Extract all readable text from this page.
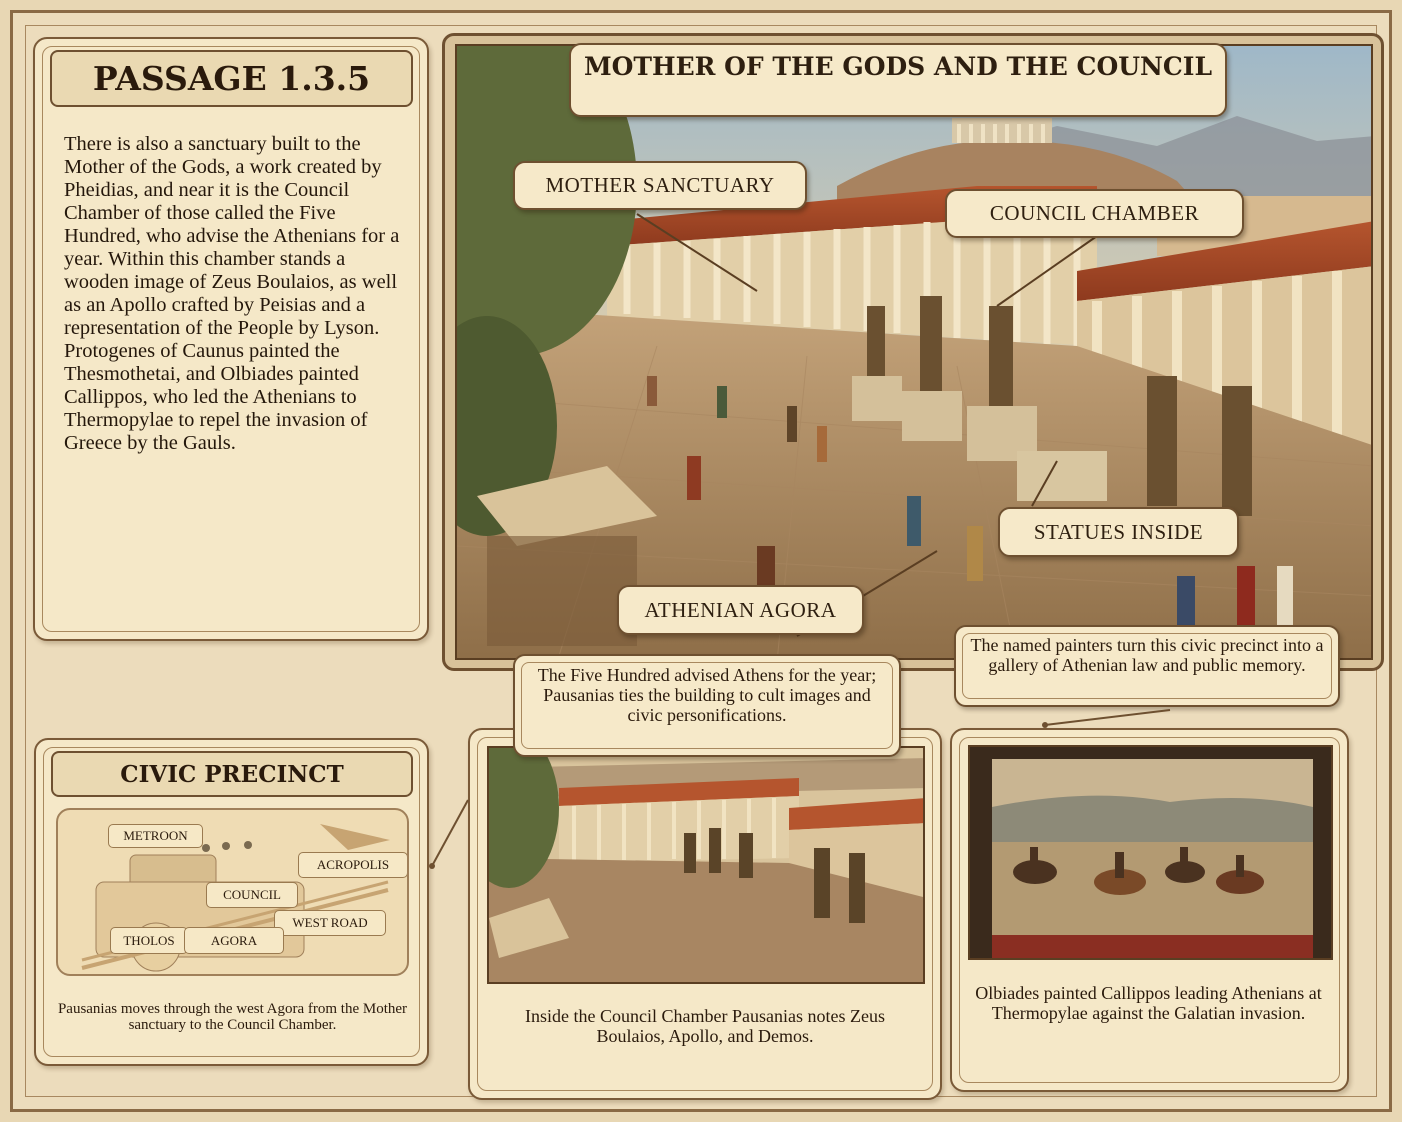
PASSAGE 1.3.5
There is also a sanctuary built to the Mother of the Gods, a work created by Pheidias, and near it is the Council Chamber of those called the Five Hundred, who advise the Athenians for a year. Within this chamber stands a wooden image of Zeus Boulaios, as well as an Apollo crafted by Peisias and a representation of the People by Lyson. Protogenes of Caunus painted the Thesmothetai, and Olbiades painted Callippos, who led the Athenians to Thermopylae to repel the invasion of Greece by the Gauls.
MOTHER OF THE GODS AND THE COUNCIL
MOTHER SANCTUARY
COUNCIL CHAMBER
STATUES INSIDE
ATHENIAN AGORA
CIVIC PRECINCT
METROON
ACROPOLIS
COUNCIL
WEST ROAD
THOLOS	AGORA
Pausanias moves through the west Agora from the Mother sanctuary to the Council Chamber.	Inside the Council Chamber Pausanias notes Zeus Boulaios, Apollo, and Demos.
The Five Hundred advised Athens for the year; Pausanias ties the building to cult images and civic personifications.
Olbiades painted Callippos leading Athenians at Thermopylae against the Galatian invasion.
The named painters turn this civic precinct into a gallery of Athenian law and public memory.
